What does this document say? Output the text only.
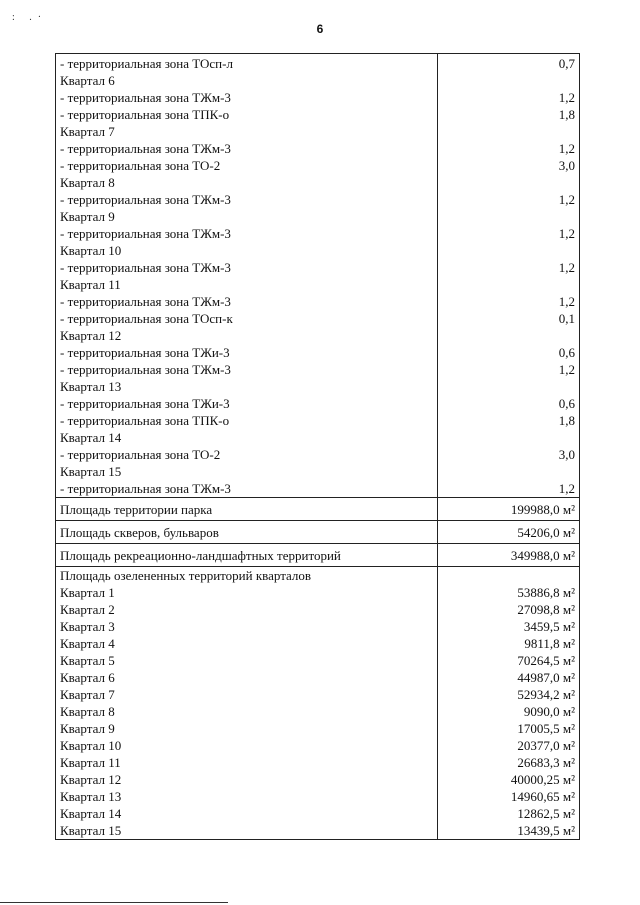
: .·
6
- территориальная зона ТОсп-л	0,7
Квартал 6	
- территориальная зона ТЖм-3	1,2
- территориальная зона ТПК-о	1,8
Квартал 7	
- территориальная зона ТЖм-3	1,2
- территориальная зона ТО-2	3,0
Квартал 8	
- территориальная зона ТЖм-3	1,2
Квартал 9	
- территориальная зона ТЖм-3	1,2
Квартал 10	
- территориальная зона ТЖм-3	1,2
Квартал 11	
- территориальная зона ТЖм-3	1,2
- территориальная зона ТОсп-к	0,1
Квартал 12	
- территориальная зона ТЖи-3	0,6
- территориальная зона ТЖм-3	1,2
Квартал 13	
- территориальная зона ТЖи-3	0,6
- территориальная зона ТПК-о	1,8
Квартал 14	
- территориальная зона ТО-2	3,0
Квартал 15	
- территориальная зона ТЖм-3	1,2
Площадь территории парка	199988,0 м²
Площадь скверов, бульваров	54206,0 м²
Площадь рекреационно-ландшафтных территорий	349988,0 м²
Площадь озелененных территорий кварталов	
Квартал 1	53886,8 м²
Квартал 2	27098,8 м²
Квартал 3	3459,5 м²
Квартал 4	9811,8 м²
Квартал 5	70264,5 м²
Квартал 6	44987,0 м²
Квартал 7	52934,2 м²
Квартал 8	9090,0 м²
Квартал 9	17005,5 м²
Квартал 10	20377,0 м²
Квартал 11	26683,3 м²
Квартал 12	40000,25 м²
Квартал 13	14960,65 м²
Квартал 14	12862,5 м²
Квартал 15	13439,5 м²
